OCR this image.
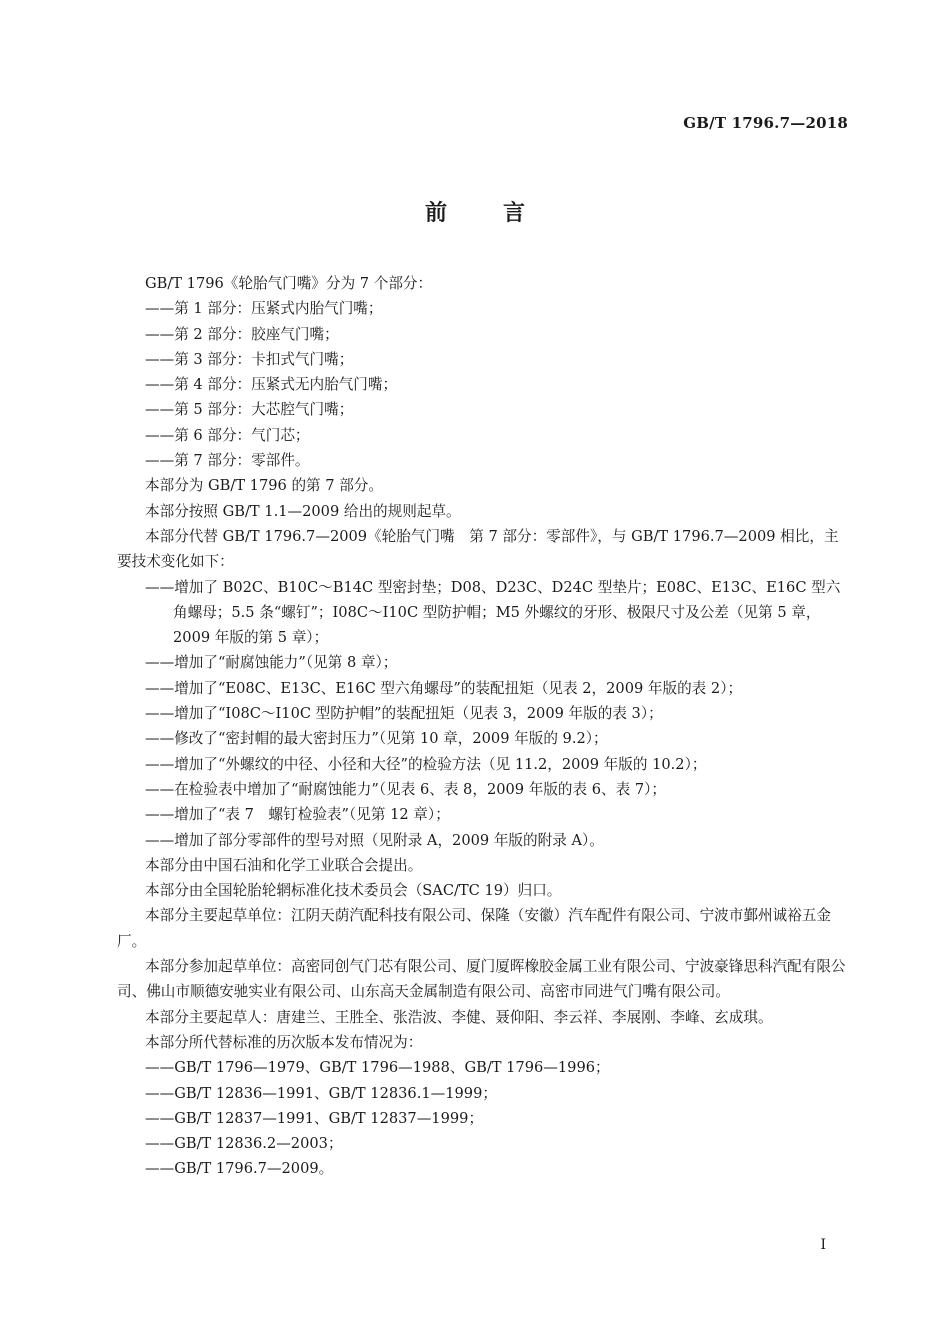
GB/T 1796.7—2018
前言

GB/T 1796《轮胎气门嘴》分为 7 个部分：

——第 1 部分：压紧式内胎气门嘴；

——第 2 部分：胶座气门嘴；

——第 3 部分：卡扣式气门嘴；

——第 4 部分：压紧式无内胎气门嘴；

——第 5 部分：大芯腔气门嘴；

——第 6 部分：气门芯；

——第 7 部分：零部件。

本部分为 GB/T 1796 的第 7 部分。

本部分按照 GB/T 1.1—2009 给出的规则起草。

本部分代替 GB/T 1796.7—2009《轮胎气门嘴　第 7 部分：零部件》，与 GB/T 1796.7—2009 相比，主要技术变化如下：

——增加了 B02C、B10C～B14C 型密封垫；D08、D23C、D24C 型垫片；E08C、E13C、E16C 型六角螺母；5.5 条“螺钉”；I08C～I10C 型防护帽；M5 外螺纹的牙形、极限尺寸及公差（见第 5 章，2009 年版的第 5 章）；

——增加了“耐腐蚀能力”（见第 8 章）；

——增加了“E08C、E13C、E16C 型六角螺母”的装配扭矩（见表 2，2009 年版的表 2）；

——增加了“I08C～I10C 型防护帽”的装配扭矩（见表 3，2009 年版的表 3）；

——修改了“密封帽的最大密封压力”（见第 10 章，2009 年版的 9.2）；

——增加了“外螺纹的中径、小径和大径”的检验方法（见 11.2，2009 年版的 10.2）；

——在检验表中增加了“耐腐蚀能力”（见表 6、表 8，2009 年版的表 6、表 7）；

——增加了“表 7　螺钉检验表”（见第 12 章）；

——增加了部分零部件的型号对照（见附录 A，2009 年版的附录 A）。

本部分由中国石油和化学工业联合会提出。

本部分由全国轮胎轮辋标准化技术委员会（SAC/TC 19）归口。

本部分主要起草单位：江阴天荫汽配科技有限公司、保隆（安徽）汽车配件有限公司、宁波市鄞州诚裕五金厂。

本部分参加起草单位：高密同创气门芯有限公司、厦门厦晖橡胶金属工业有限公司、宁波豪锋思科汽配有限公司、佛山市顺德安驰实业有限公司、山东高天金属制造有限公司、高密市同进气门嘴有限公司。

本部分主要起草人：唐建兰、王胜全、张浩波、李健、聂仰阳、李云祥、李展刚、李峰、玄成琪。

本部分所代替标准的历次版本发布情况为：

——GB/T 1796—1979、GB/T 1796—1988、GB/T 1796—1996；

——GB/T 12836—1991、GB/T 12836.1—1999；

——GB/T 12837—1991、GB/T 12837—1999；

——GB/T 12836.2—2003；

——GB/T 1796.7—2009。

I
